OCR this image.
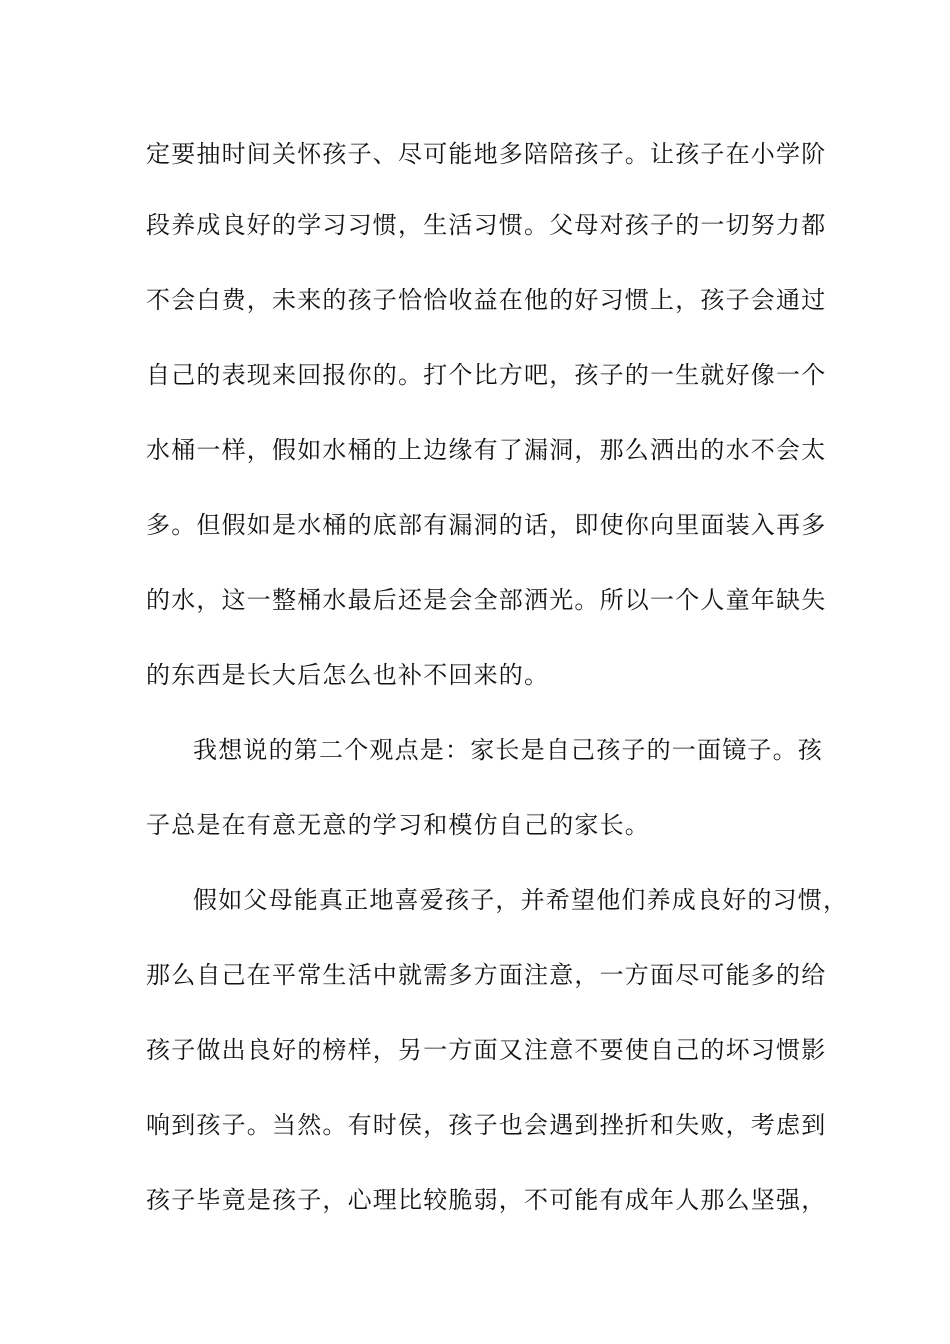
定要抽时间关怀孩子、尽可能地多陪陪孩子。让孩子在小学阶
段养成良好的学习习惯，生活习惯。父母对孩子的一切努力都
不会白费，未来的孩子恰恰收益在他的好习惯上，孩子会通过
自己的表现来回报你的。打个比方吧，孩子的一生就好像一个
水桶一样，假如水桶的上边缘有了漏洞，那么洒出的水不会太
多。但假如是水桶的底部有漏洞的话，即使你向里面装入再多
的水，这一整桶水最后还是会全部洒光。所以一个人童年缺失
的东西是长大后怎么也补不回来的。
我想说的第二个观点是：家长是自己孩子的一面镜子。孩
子总是在有意无意的学习和模仿自己的家长。
假如父母能真正地喜爱孩子，并希望他们养成良好的习惯，
那么自己在平常生活中就需多方面注意，一方面尽可能多的给
孩子做出良好的榜样，另一方面又注意不要使自己的坏习惯影
响到孩子。当然。有时侯，孩子也会遇到挫折和失败，考虑到
孩子毕竟是孩子，心理比较脆弱，不可能有成年人那么坚强，
